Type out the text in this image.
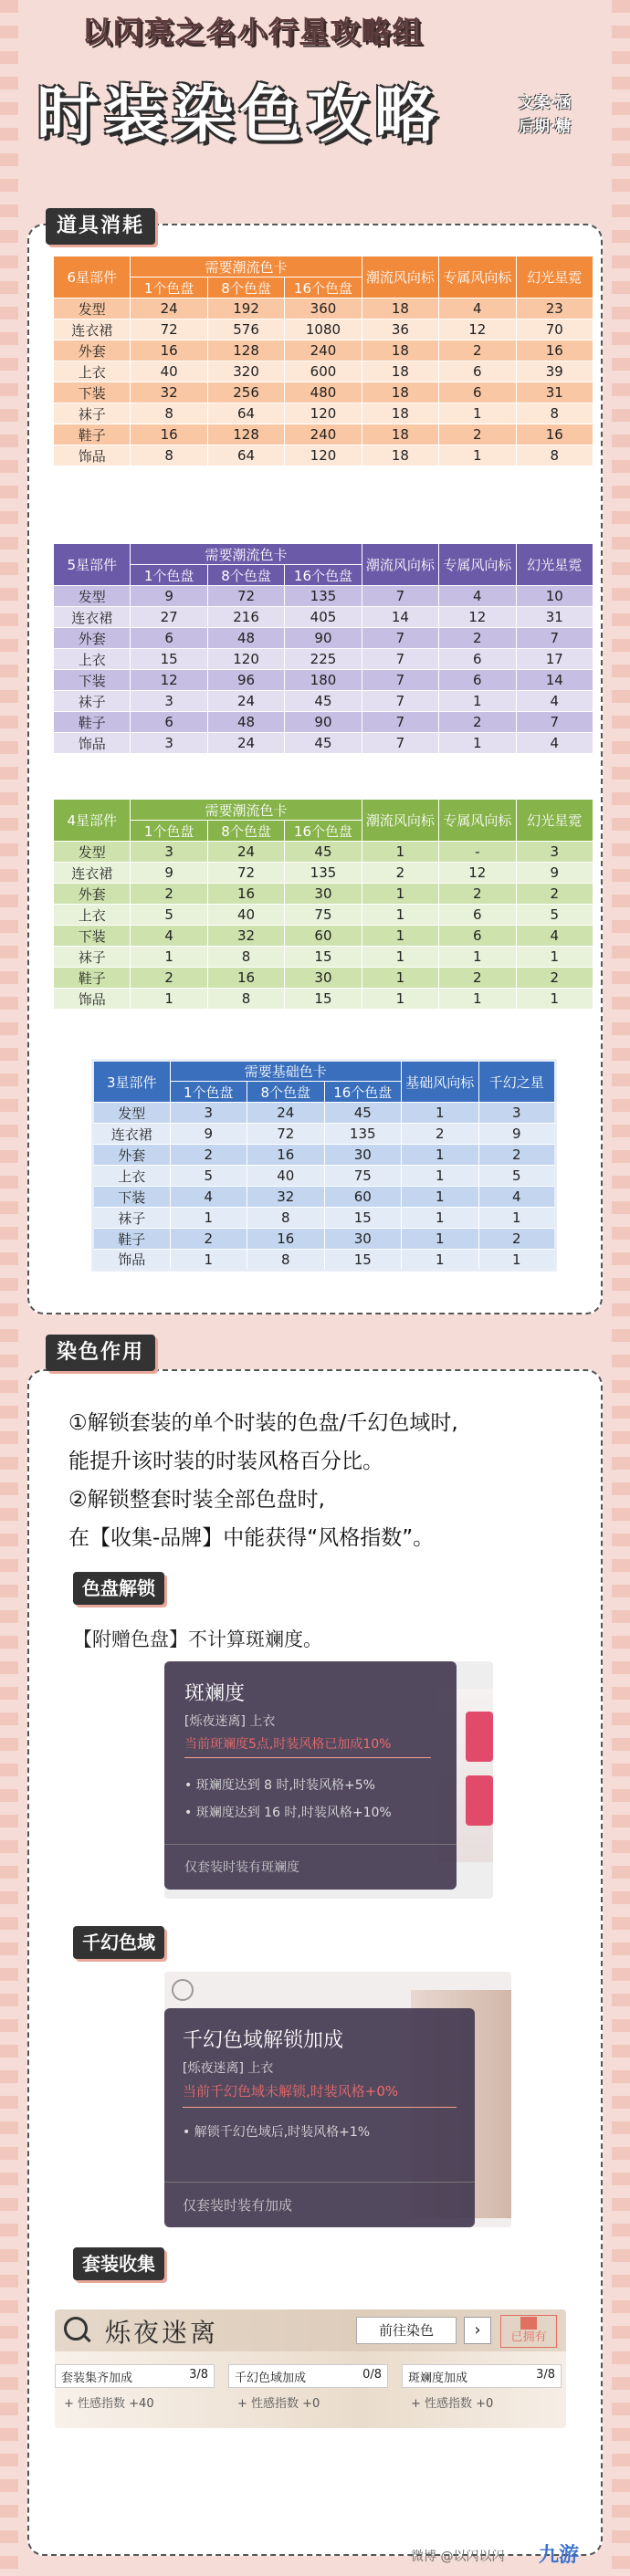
以闪亮之名小行星攻略组
时装染色攻略	文案·涵
后期·糖
道具消耗
6星部件	需要潮流色卡			潮流风向标	专属风向标	幻光星霓
	1个色盘	8个色盘	16个色盘			
发型	24	192	360	18	4	23
连衣裙	72	576	1080	36	12	70
外套	16	128	240	18	2	16
上衣	40	320	600	18	6	39
下装	32	256	480	18	6	31
袜子	8	64	120	18	1	8
鞋子	16	128	240	18	2	16
饰品	8	64	120	18	1	8
5星部件	需要潮流色卡			潮流风向标	专属风向标	幻光星霓
	1个色盘	8个色盘	16个色盘			
发型	9	72	135	7	4	10
连衣裙	27	216	405	14	12	31
外套	6	48	90	7	2	7
上衣	15	120	225	7	6	17
下装	12	96	180	7	6	14
袜子	3	24	45	7	1	4
鞋子	6	48	90	7	2	7
饰品	3	24	45	7	1	4
4星部件	需要潮流色卡			潮流风向标	专属风向标	幻光星霓
	1个色盘	8个色盘	16个色盘			
发型	3	24	45	1	-	3
连衣裙	9	72	135	2	12	9
外套	2	16	30	1	2	2
上衣	5	40	75	1	6	5
下装	4	32	60	1	6	4
袜子	1	8	15	1	1	1
鞋子	2	16	30	1	2	2
饰品	1	8	15	1	1	1
3星部件	需要基础色卡			基础风向标	千幻之星
	1个色盘	8个色盘	16个色盘		
发型	3	24	45	1	3
连衣裙	9	72	135	2	9
外套	2	16	30	1	2
上衣	5	40	75	1	5
下装	4	32	60	1	4
袜子	1	8	15	1	1
鞋子	2	16	30	1	2
饰品	1	8	15	1	1
染色作用
①解锁套装的单个时装的色盘/千幻色域时,
能提升该时装的时装风格百分比。
②解锁整套时装全部色盘时,
在【收集-品牌】中能获得“风格指数”。
色盘解锁
【附赠色盘】不计算斑斓度。
斑斓度
[烁夜迷离] 上衣
当前斑斓度5点,时装风格已加成10%
• 斑斓度达到 8 时,时装风格+5%
• 斑斓度达到 16 时,时装风格+10%
仅套装时装有斑斓度
千幻色域
千幻色域解锁加成
[烁夜迷离] 上衣
当前千幻色域未解锁,时装风格+0%
• 解锁千幻色域后,时装风格+1%
仅套装时装有加成
套装收集
烁夜迷离	前往染色	›	已拥有
套装集齐加成	3/8
+ 性感指数 +40
千幻色域加成	0/8
+ 性感指数 +0
斑斓度加成	3/8
+ 性感指数 +0
微博 @以闪以闪 九游
